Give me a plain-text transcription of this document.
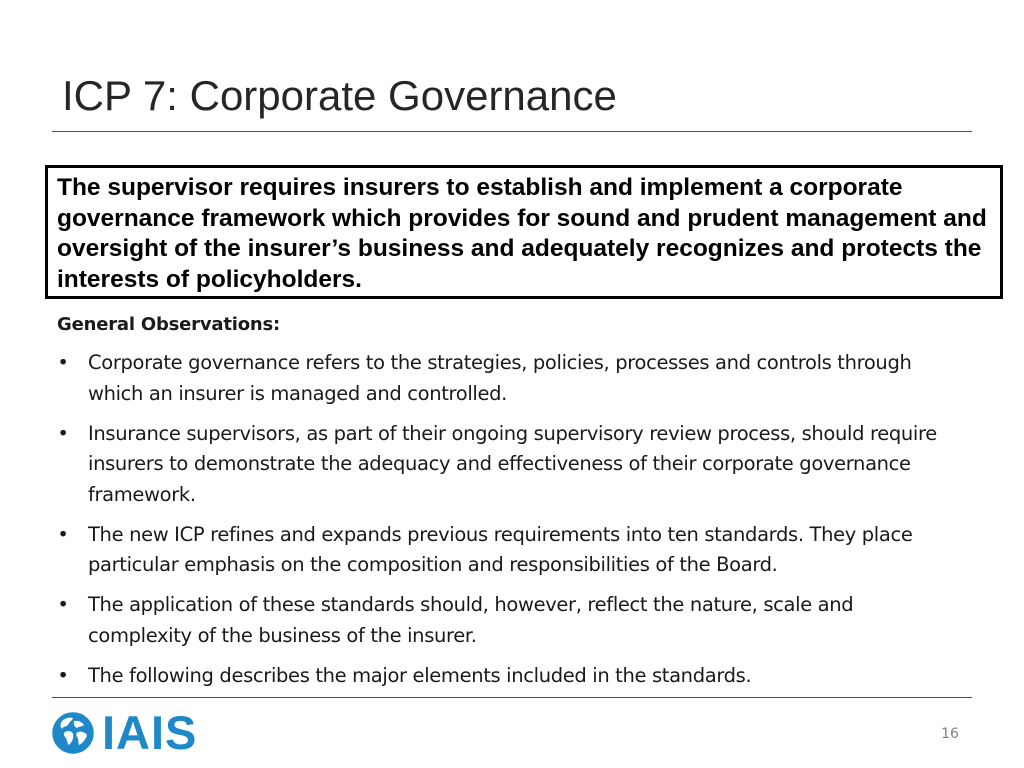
ICP 7: Corporate Governance

The supervisor requires insurers to establish and implement a corporate governance framework which provides for sound and prudent management and oversight of the insurer’s business and adequately recognizes and protects the interests of policyholders.

General Observations:
• Corporate governance refers to the strategies, policies, processes and controls through which an insurer is managed and controlled.
• Insurance supervisors, as part of their ongoing supervisory review process, should require insurers to demonstrate the adequacy and effectiveness of their corporate governance framework.
• The new ICP refines and expands previous requirements into ten standards. They place particular emphasis on the composition and responsibilities of the Board.
• The application of these standards should, however, reflect the nature, scale and complexity of the business of the insurer.
• The following describes the major elements included in the standards.
IAIS	16
